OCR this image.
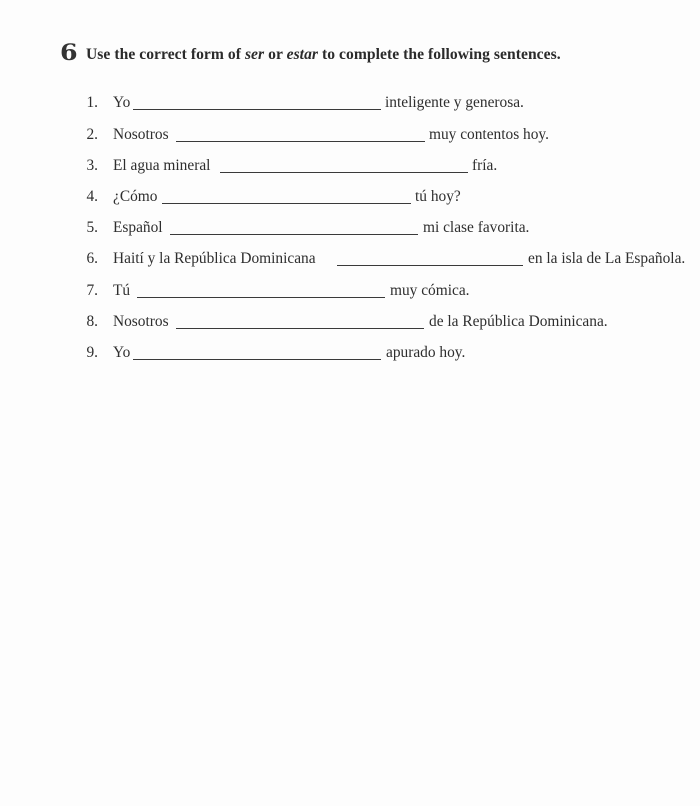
6 Use the correct form of ser or estar to complete the following sentences.
1. Yo	inteligente y generosa.
2. Nosotros	muy contentos hoy.
3. El agua mineral	fría.
4. ¿Cómo	tú hoy?
5. Español	mi clase favorita.
6. Haití y la República Dominicana	en la isla de La Española.
7. Tú	muy cómica.
8. Nosotros	de la República Dominicana.
9. Yo	apurado hoy.
